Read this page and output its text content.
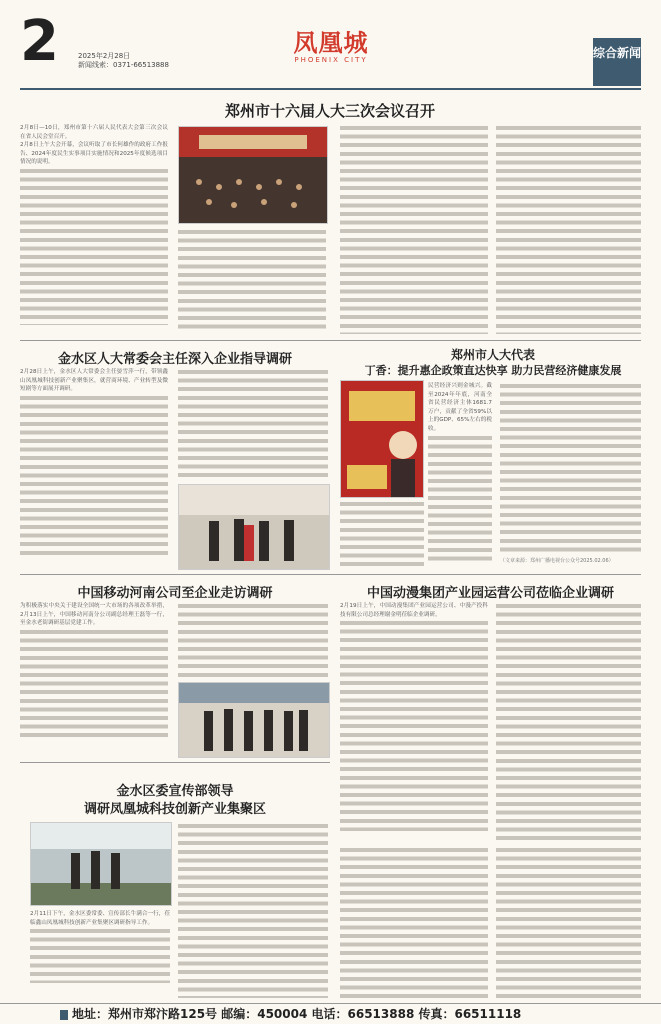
2	2025年2月28日
新闻线索：0371-66513888
凤凰城
PHOENIX CITY	综合新闻
郑州市十六届人大三次会议召开
2月8日—10日，郑州市第十六届人民代表大会第三次会议在省人民会堂召开。
2月8日上午大会开幕，会议听取了市长何雄作的政府工作报告、2024年度民生实事项目实施情况和2025年度候选项目情况的说明。
金水区人大常委会主任深入企业指导调研
2月28日上午，金水区人大常委会主任晏雪萍一行，带领鑫山凤凰城科技创新产业聚集区，就营商环境、产业转型及微短剧等方面展开调研。
郑州市人大代表
丁香：提升惠企政策直达快享 助力民营经济健康发展
民营经济兴则金城兴。截至2024年年底，河南全省民营经济主体1681.7万户，贡献了全省59%以上的GDP、65%左右的税收。
（文章来源：郑州广播电视台公众号2025.02.06）
中国移动河南公司至企业走访调研
为积极落实中央关于建设全国统一大市场的各项改革举措，2月13日上午，中国移动河南分公司副总经理王磊等一行，至金水老街调研基层党建工作。
中国动漫集团产业园运营公司莅临企业调研
2月19日上午，中国动漫集团产业园运营公司、中漫产投科技有限公司总经理谢金明莅临企业调研。
金水区委宣传部领导
调研凤凰城科技创新产业集聚区
2月11日下午，金水区委常委、宣传部长牛满合一行，莅临鑫山凤凰城科技创新产业集聚区调研指导工作。
地址：郑州市郑汴路125号 邮编：450004 电话：66513888 传真：66511118
